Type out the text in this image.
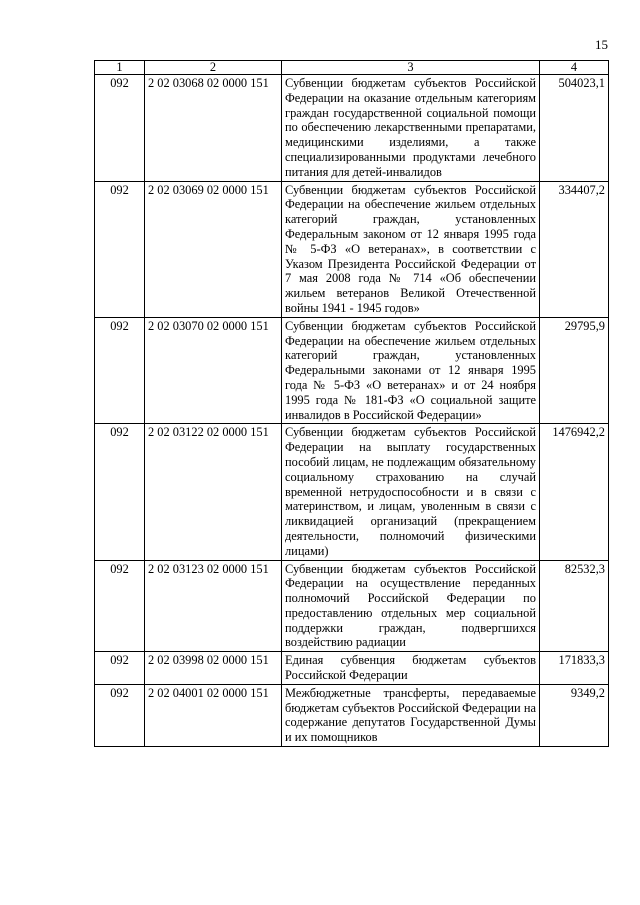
15
1	2	3	4
092	2 02 03068 02 0000 151	Субвенции бюджетам субъектов Российской Федерации на оказание отдельным категориям граждан государственной социальной помощи по обеспечению лекарственными препаратами, медицинскими изделиями, а также специализированными продуктами лечебного питания для детей-инвалидов	504023,1
092	2 02 03069 02 0000 151	Субвенции бюджетам субъектов Российской Федерации на обеспечение жильем отдельных категорий граждан, установленных Федеральным законом от 12 января 1995 года № 5-ФЗ «О ветеранах», в соответствии с Указом Президента Российской Федерации от 7 мая 2008 года № 714 «Об обеспечении жильем ветеранов Великой Отечественной войны 1941 - 1945 годов»	334407,2
092	2 02 03070 02 0000 151	Субвенции бюджетам субъектов Российской Федерации на обеспечение жильем отдельных категорий граждан, установленных Федеральными законами от 12 января 1995 года № 5-ФЗ «О ветеранах» и от 24 ноября 1995 года № 181-ФЗ «О социальной защите инвалидов в Российской Федерации»	29795,9
092	2 02 03122 02 0000 151	Субвенции бюджетам субъектов Российской Федерации на выплату государственных пособий лицам, не подлежащим обязательному социальному страхованию на случай временной нетрудоспособности и в связи с материнством, и лицам, уволенным в связи с ликвидацией организаций (прекращением деятельности, полномочий физическими лицами)	1476942,2
092	2 02 03123 02 0000 151	Субвенции бюджетам субъектов Российской Федерации на осуществление переданных полномочий Российской Федерации по предоставлению отдельных мер социальной поддержки граждан, подвергшихся воздействию радиации	82532,3
092	2 02 03998 02 0000 151	Единая субвенция бюджетам субъектов Российской Федерации	171833,3
092	2 02 04001 02 0000 151	Межбюджетные трансферты, передаваемые бюджетам субъектов Российской Федерации на содержание депутатов Государственной Думы и их помощников	9349,2
